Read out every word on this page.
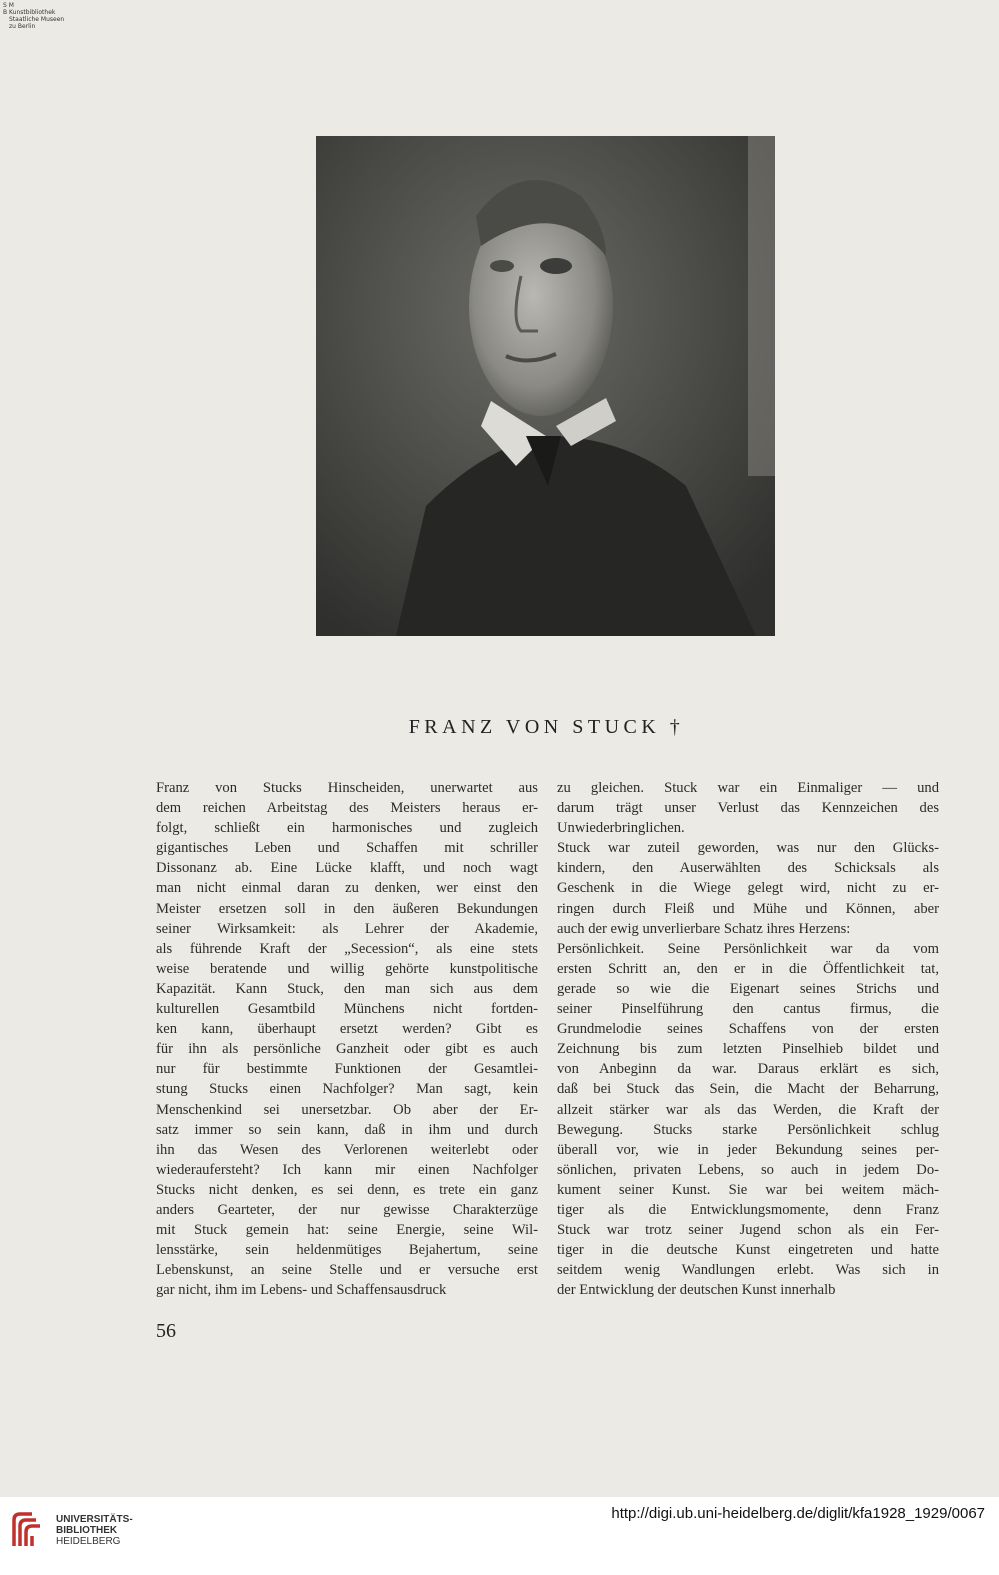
S M
B Kunstbibliothek
Staatliche Museen
zu Berlin
FRANZ VON STUCK †
Franz von Stucks Hinscheiden, unerwartet aus
dem reichen Arbeitstag des Meisters heraus er-
folgt, schließt ein harmonisches und zugleich
gigantisches Leben und Schaffen mit schriller
Dissonanz ab. Eine Lücke klafft, und noch wagt
man nicht einmal daran zu denken, wer einst den
Meister ersetzen soll in den äußeren Bekundungen
seiner Wirksamkeit: als Lehrer der Akademie,
als führende Kraft der „Secession“, als eine stets
weise beratende und willig gehörte kunstpolitische
Kapazität. Kann Stuck, den man sich aus dem
kulturellen Gesamtbild Münchens nicht fortden-
ken kann, überhaupt ersetzt werden? Gibt es
für ihn als persönliche Ganzheit oder gibt es auch
nur für bestimmte Funktionen der Gesamtlei-
stung Stucks einen Nachfolger? Man sagt, kein
Menschenkind sei unersetzbar. Ob aber der Er-
satz immer so sein kann, daß in ihm und durch
ihn das Wesen des Verlorenen weiterlebt oder
wiederaufersteht? Ich kann mir einen Nachfolger
Stucks nicht denken, es sei denn, es trete ein ganz
anders Gearteter, der nur gewisse Charakterzüge
mit Stuck gemein hat: seine Energie, seine Wil-
lensstärke, sein heldenmütiges Bejahertum, seine
Lebenskunst, an seine Stelle und er versuche erst
gar nicht, ihm im Lebens- und Schaffensausdruck
zu gleichen. Stuck war ein Einmaliger — und
darum trägt unser Verlust das Kennzeichen des
Unwiederbringlichen.
Stuck war zuteil geworden, was nur den Glücks-
kindern, den Auserwählten des Schicksals als
Geschenk in die Wiege gelegt wird, nicht zu er-
ringen durch Fleiß und Mühe und Können, aber
auch der ewig unverlierbare Schatz ihres Herzens:
Persönlichkeit. Seine Persönlichkeit war da vom
ersten Schritt an, den er in die Öffentlichkeit tat,
gerade so wie die Eigenart seines Strichs und
seiner Pinselführung den cantus firmus, die
Grundmelodie seines Schaffens von der ersten
Zeichnung bis zum letzten Pinselhieb bildet und
von Anbeginn da war. Daraus erklärt es sich,
daß bei Stuck das Sein, die Macht der Beharrung,
allzeit stärker war als das Werden, die Kraft der
Bewegung. Stucks starke Persönlichkeit schlug
überall vor, wie in jeder Bekundung seines per-
sönlichen, privaten Lebens, so auch in jedem Do-
kument seiner Kunst. Sie war bei weitem mäch-
tiger als die Entwicklungsmomente, denn Franz
Stuck war trotz seiner Jugend schon als ein Fer-
tiger in die deutsche Kunst eingetreten und hatte
seitdem wenig Wandlungen erlebt. Was sich in
der Entwicklung der deutschen Kunst innerhalb
56
UNIVERSITÄTS-
BIBLIOTHEK
HEIDELBERG
http://digi.ub.uni-heidelberg.de/diglit/kfa1928_1929/0067
